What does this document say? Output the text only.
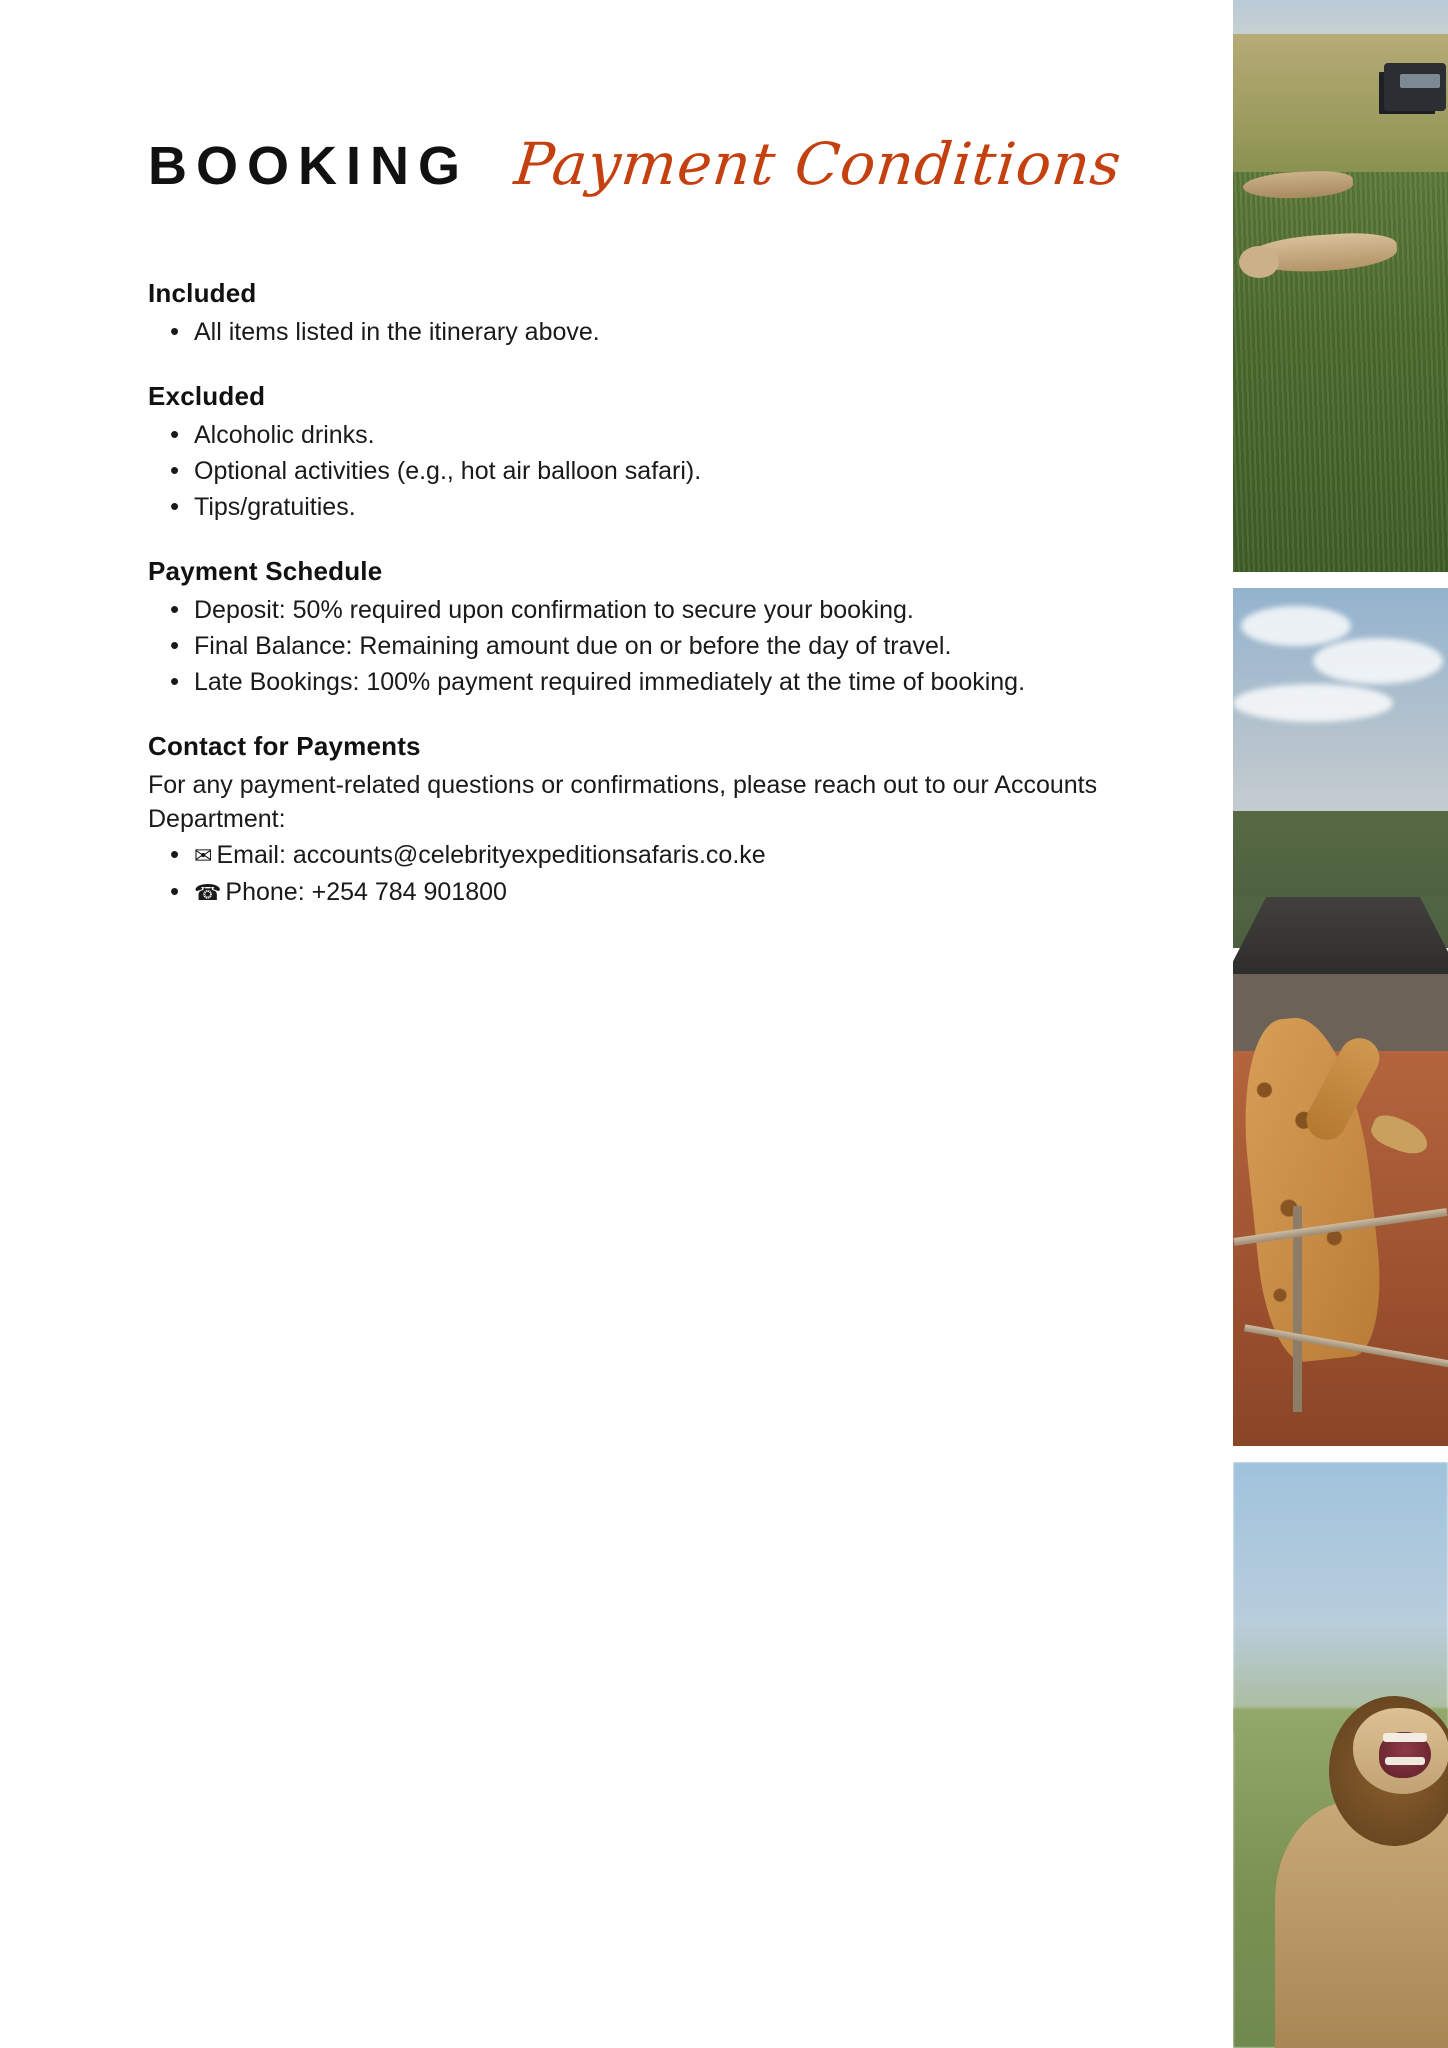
BOOKING Payment Conditions
Included
• All items listed in the itinerary above.
Excluded
• Alcoholic drinks.
• Optional activities (e.g., hot air balloon safari).
• Tips/gratuities.
Payment Schedule
• Deposit: 50% required upon confirmation to secure your booking.
• Final Balance: Remaining amount due on or before the day of travel.
• Late Bookings: 100% payment required immediately at the time of booking.
Contact for Payments

For any payment-related questions or confirmations, please reach out to our Accounts Department:

• ✉ Email: accounts@celebrityexpeditionsafaris.co.ke
• ☎ Phone: +254 784 901800
